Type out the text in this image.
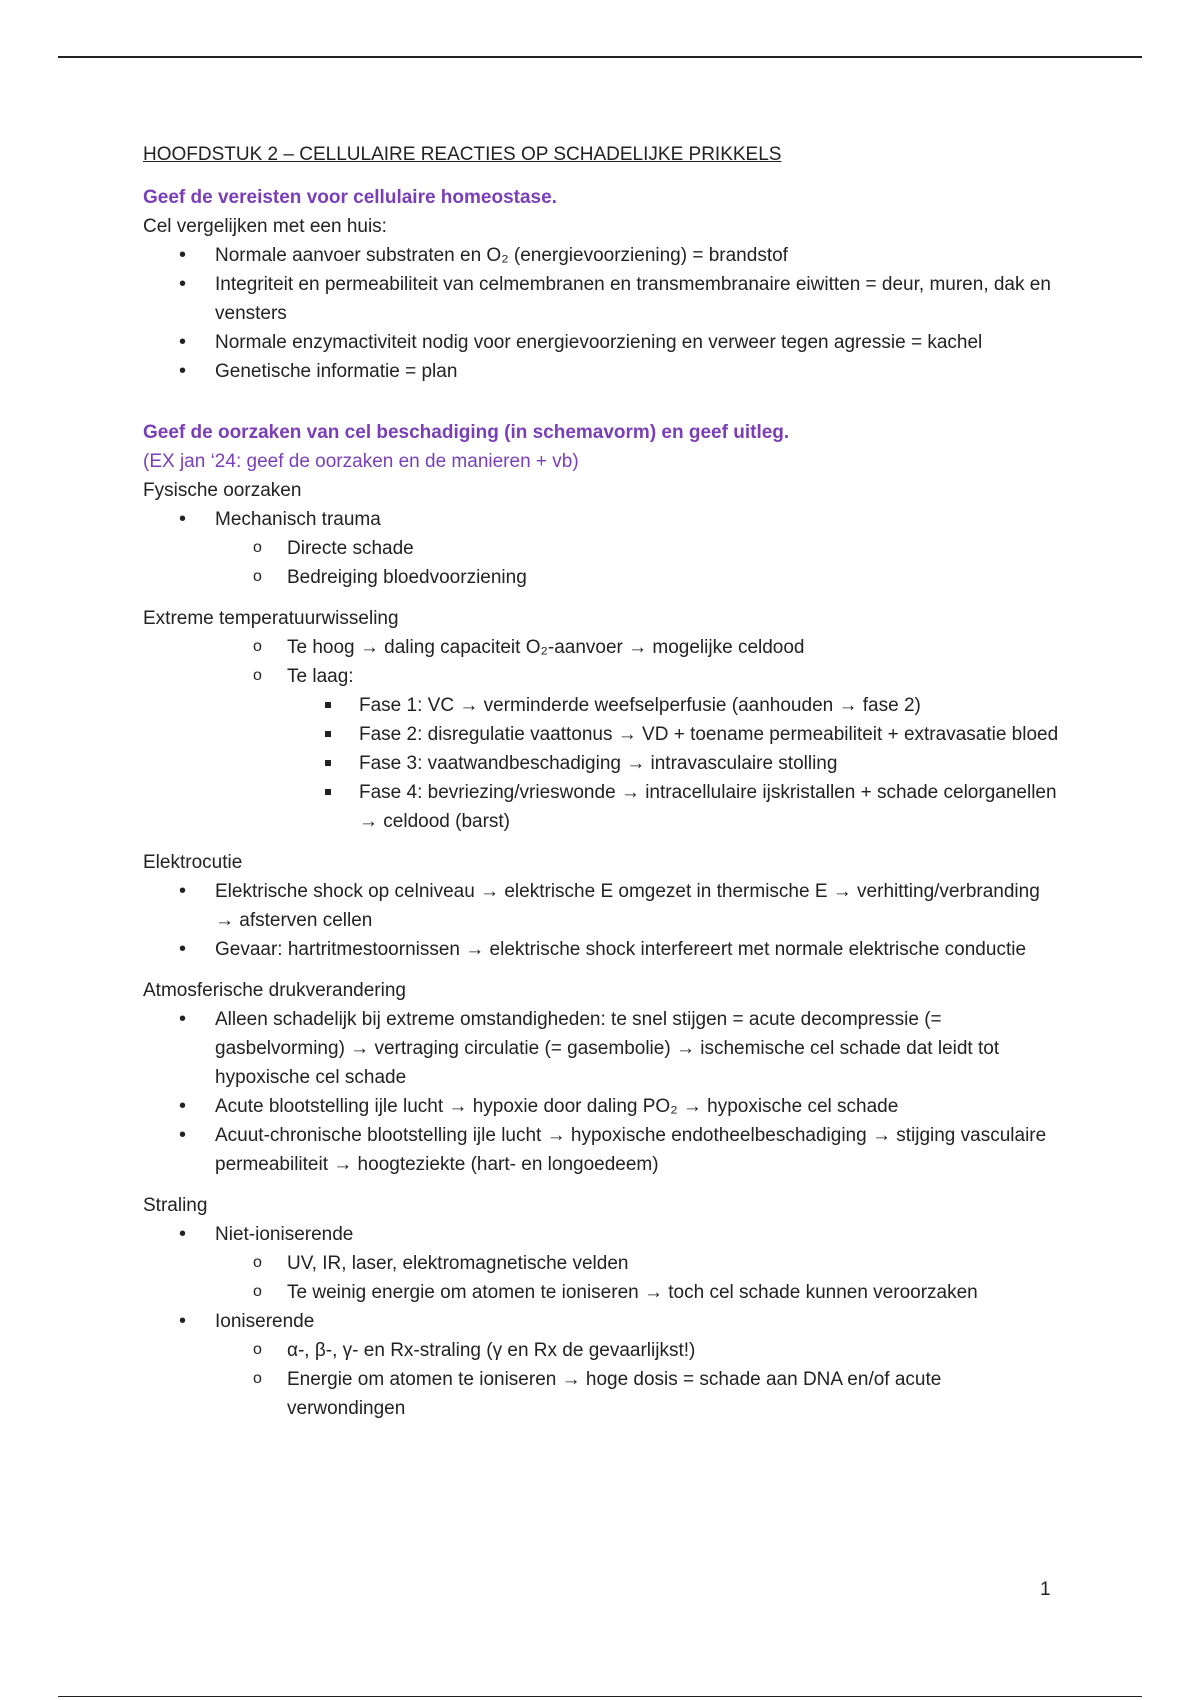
HOOFDSTUK 2 – CELLULAIRE REACTIES OP SCHADELIJKE PRIKKELS

Geef de vereisten voor cellulaire homeostase.

Cel vergelijken met een huis:

• Normale aanvoer substraten en O₂ (energievoorziening) = brandstof
• Integriteit en permeabiliteit van celmembranen en transmembranaire eiwitten = deur, muren, dak en vensters
• Normale enzymactiviteit nodig voor energievoorziening en verweer tegen agressie = kachel
• Genetische informatie = plan

Geef de oorzaken van cel beschadiging (in schemavorm) en geef uitleg.

(EX jan ‘24: geef de oorzaken en de manieren + vb)

Fysische oorzaken

• Mechanisch trauma
o Directe schade
o Bedreiging bloedvoorziening

Extreme temperatuurwisseling

o Te hoog → daling capaciteit O₂-aanvoer → mogelijke celdood
o Te laag:
Fase 1: VC → verminderde weefselperfusie (aanhouden → fase 2)
Fase 2: disregulatie vaattonus → VD + toename permeabiliteit + extravasatie bloed
Fase 3: vaatwandbeschadiging → intravasculaire stolling
Fase 4: bevriezing/vrieswonde → intracellulaire ijskristallen + schade celorganellen → celdood (barst)

Elektrocutie

• Elektrische shock op celniveau → elektrische E omgezet in thermische E → verhitting/verbranding → afsterven cellen
• Gevaar: hartritmestoornissen → elektrische shock interfereert met normale elektrische conductie

Atmosferische drukverandering

• Alleen schadelijk bij extreme omstandigheden: te snel stijgen = acute decompressie (= gasbelvorming) → vertraging circulatie (= gasembolie) → ischemische cel schade dat leidt tot hypoxische cel schade
• Acute blootstelling ijle lucht → hypoxie door daling PO₂ → hypoxische cel schade
• Acuut-chronische blootstelling ijle lucht → hypoxische endotheelbeschadiging → stijging vasculaire permeabiliteit → hoogteziekte (hart- en longoedeem)

Straling

• Niet-ioniserende
o UV, IR, laser, elektromagnetische velden
o Te weinig energie om atomen te ioniseren → toch cel schade kunnen veroorzaken
• Ioniserende
o α-, β-, γ- en Rx-straling (γ en Rx de gevaarlijkst!)
o Energie om atomen te ioniseren → hoge dosis = schade aan DNA en/of acute verwondingen
1
